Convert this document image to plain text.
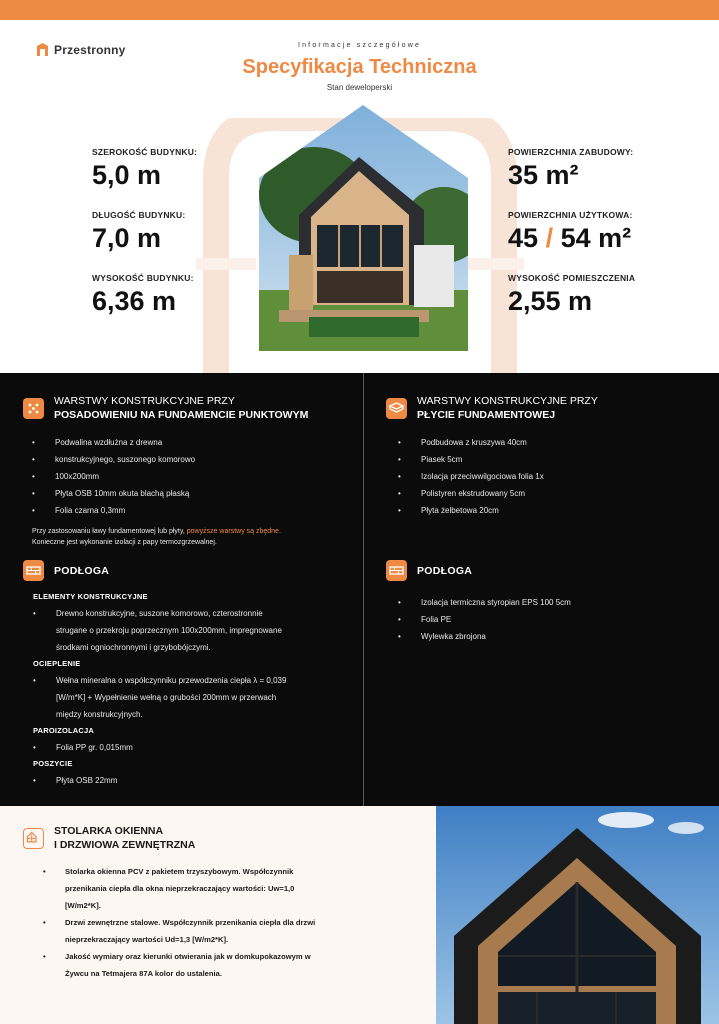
Przestronny	Informacje szczegółowe
Specyfikacja Techniczna
Stan deweloperski
SZEROKOŚĆ BUDYNKU:
5,0 m
DŁUGOŚĆ BUDYNKU:
7,0 m
WYSOKOŚĆ BUDYNKU:
6,36 m
POWIERZCHNIA ZABUDOWY:
35 m²
POWIERZCHNIA UŻYTKOWA:
45 / 54 m²
WYSOKOŚĆ POMIESZCZENIA
2,55 m
WARSTWY KONSTRUKCYJNE PRZY
POSADOWIENIU NA FUNDAMENCIE PUNKTOWYM
• Podwalina wzdłużna z drewna
• konstrukcyjnego, suszonego komorowo
• 100x200mm
• Płyta OSB 10mm okuta blachą płaską
• Folia czarna 0,3mm
Przy zastosowaniu ławy fundamentowej lub płyty, powyższe warstwy są zbędne.
Konieczne jest wykonanie izolacji z papy termozgrzewalnej.
WARSTWY KONSTRUKCYJNE PRZY
PŁYCIE FUNDAMENTOWEJ
• Podbudowa z kruszywa 40cm
• Piasek 5cm
• Izolacja przeciwwilgociowa folia 1x
• Polistyren ekstrudowany 5cm
• Płyta żelbetowa 20cm
PODŁOGA
ELEMENTY KONSTRUKCYJNE
• Drewno konstrukcyjne, suszone komorowo, czterostronnie
strugane o przekroju poprzecznym 100x200mm, impregnowane
środkami ogniochronnymi i grzybobójczymi.
OCIEPLENIE
• Wełna mineralna o współczynniku przewodzenia ciepła λ = 0,039
[W/m*K] + Wypełnienie wełną o grubości 200mm w przerwach
między konstrukcyjnych.
PAROIZOLACJA
• Folia PP gr. 0,015mm
POSZYCIE
• Płyta OSB 22mm
PODŁOGA
• Izolacja termiczna styropian EPS 100 5cm
• Folia PE
• Wylewka zbrojona
STOLARKA OKIENNA
I DRZWIOWA ZEWNĘTRZNA
• Stolarka okienna PCV z pakietem trzyszybowym. Współczynnik
przenikania ciepła dla okna nieprzekraczający wartości: Uw=1,0
[W/m2*K].
• Drzwi zewnętrzne stalowe. Współczynnik przenikania ciepła dla drzwi
nieprzekraczający wartości Ud=1,3 [W/m2*K].
• Jakość wymiary oraz kierunki otwierania jak w domkupokazowym w
Żywcu na Tetmajera 87A kolor do ustalenia.
